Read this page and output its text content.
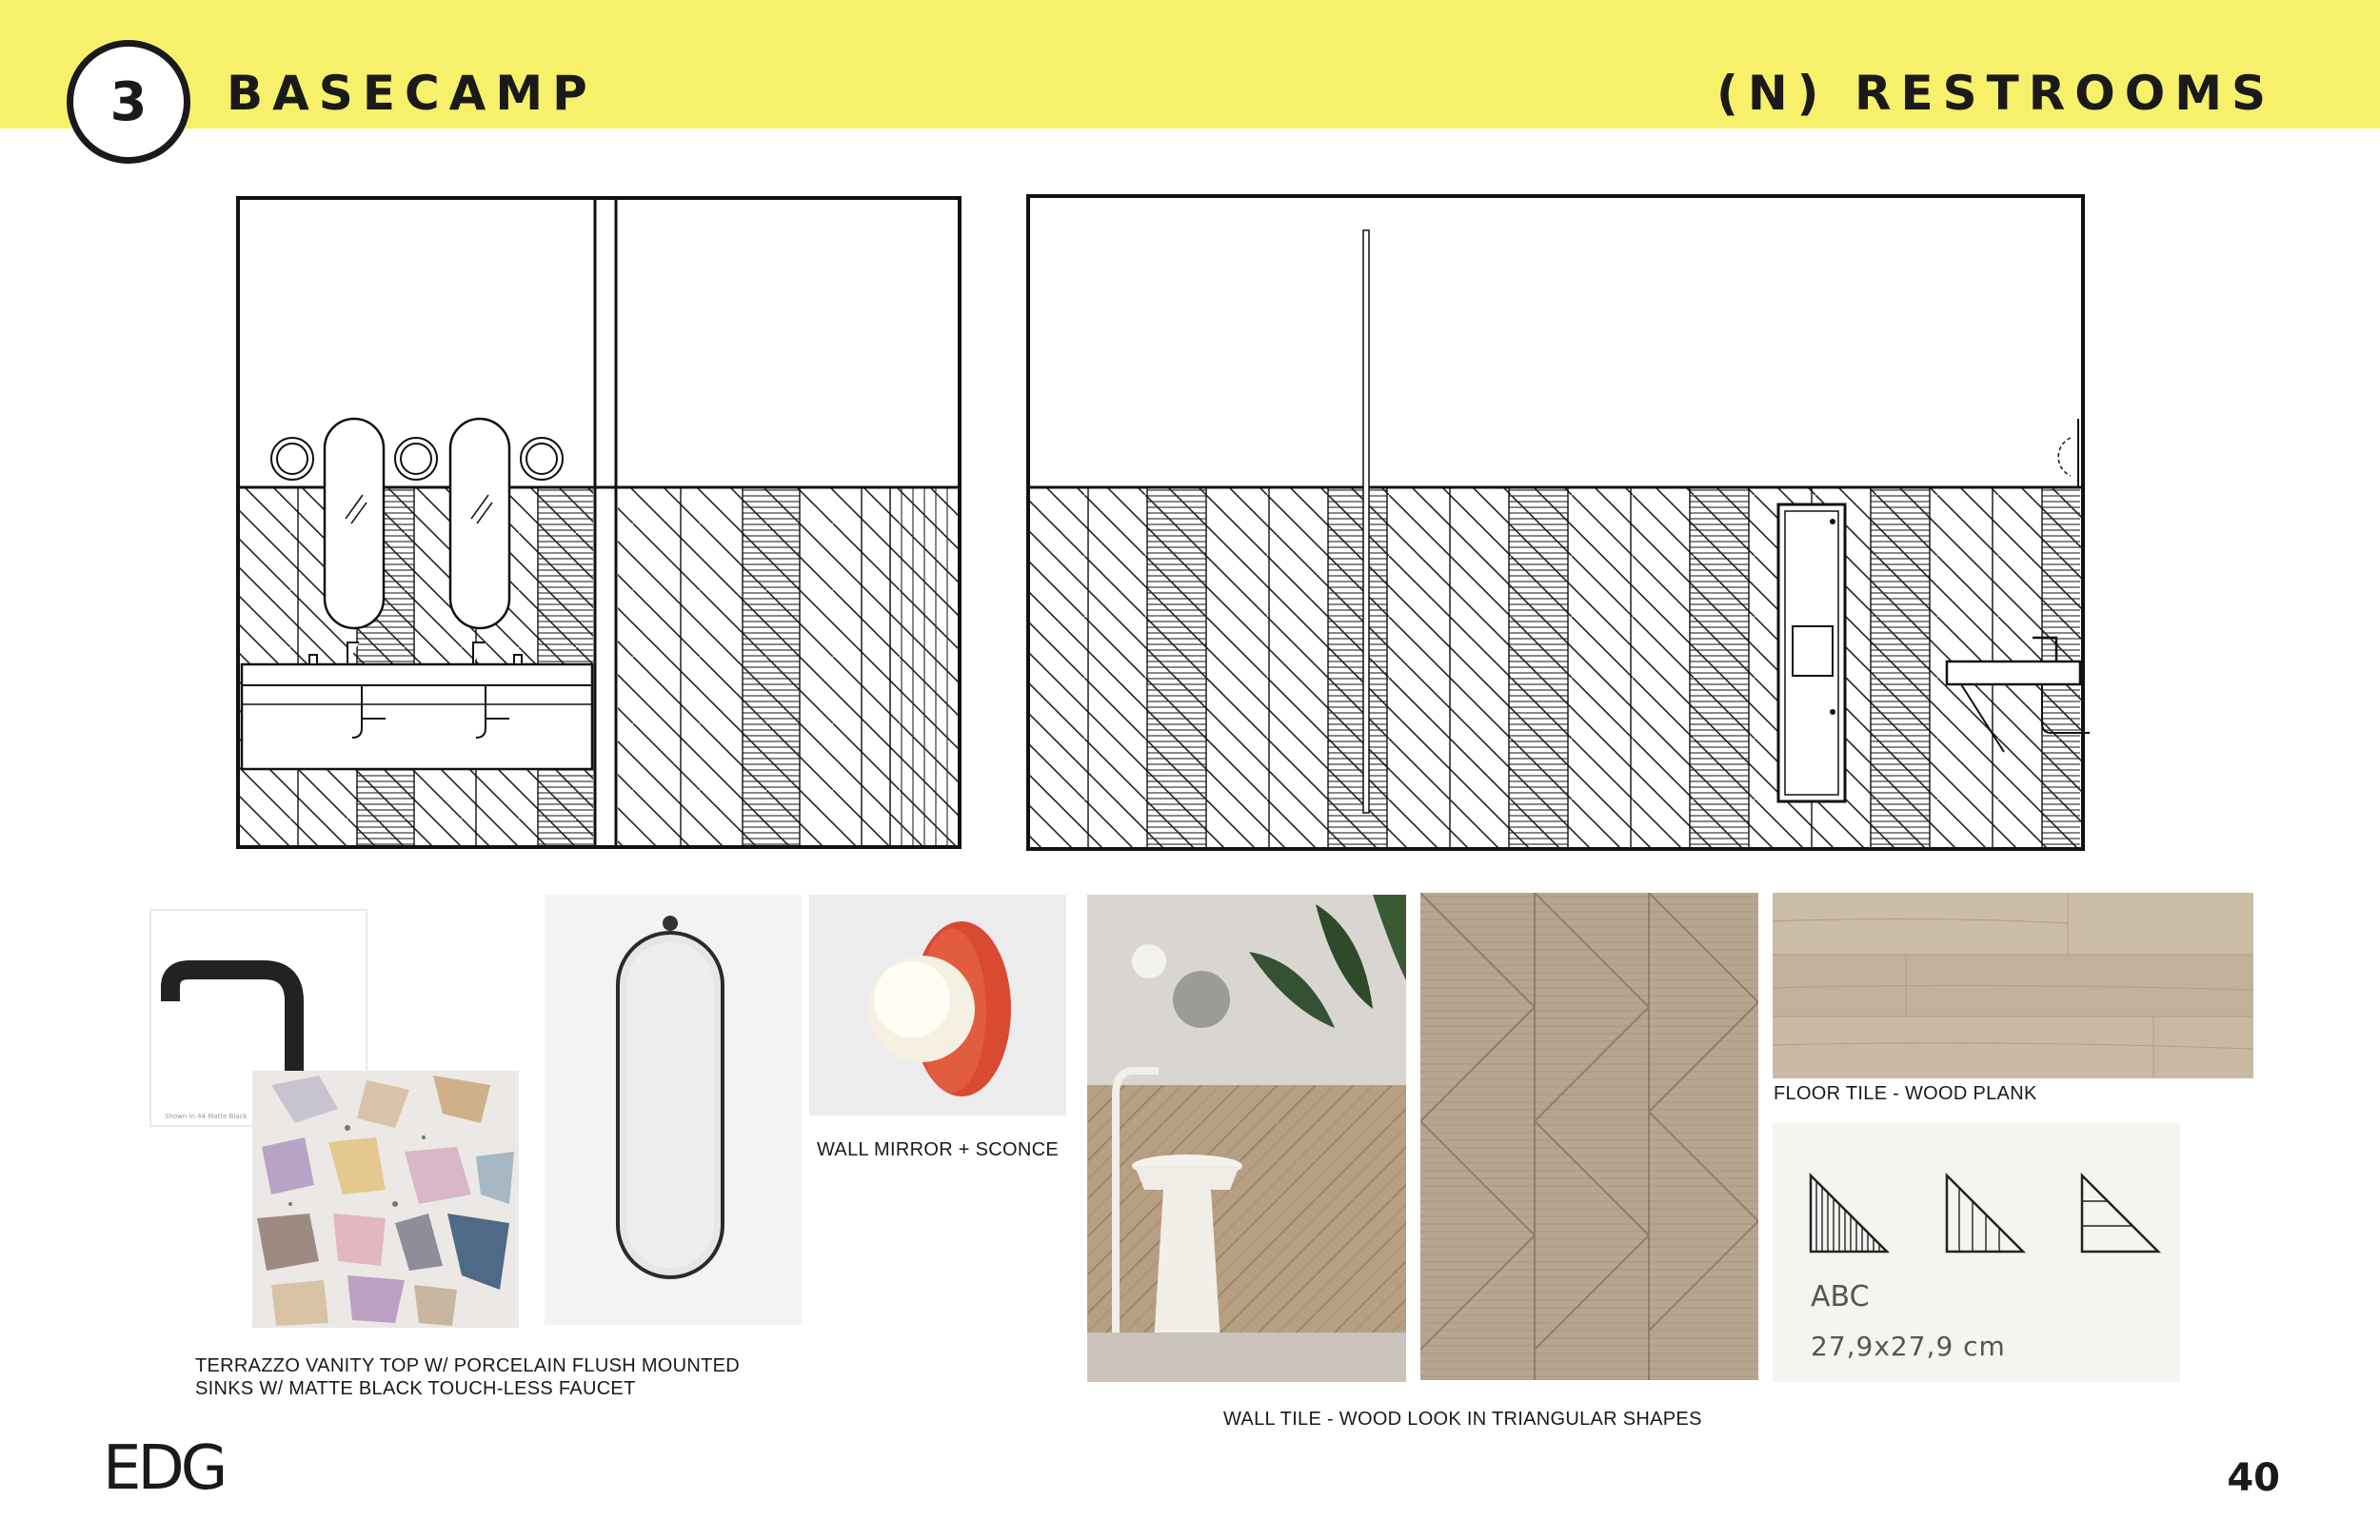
3 BASECAMP	(N) RESTROOMS
Shown in 44 Matte Black
ABC
27,9x27,9 cm
TERRAZZO VANITY TOP W/ PORCELAIN FLUSH MOUNTED
SINKS W/ MATTE BLACK TOUCH-LESS FAUCET
WALL MIRROR + SCONCE
FLOOR TILE - WOOD PLANK
WALL TILE - WOOD LOOK IN TRIANGULAR SHAPES
EDG	40
